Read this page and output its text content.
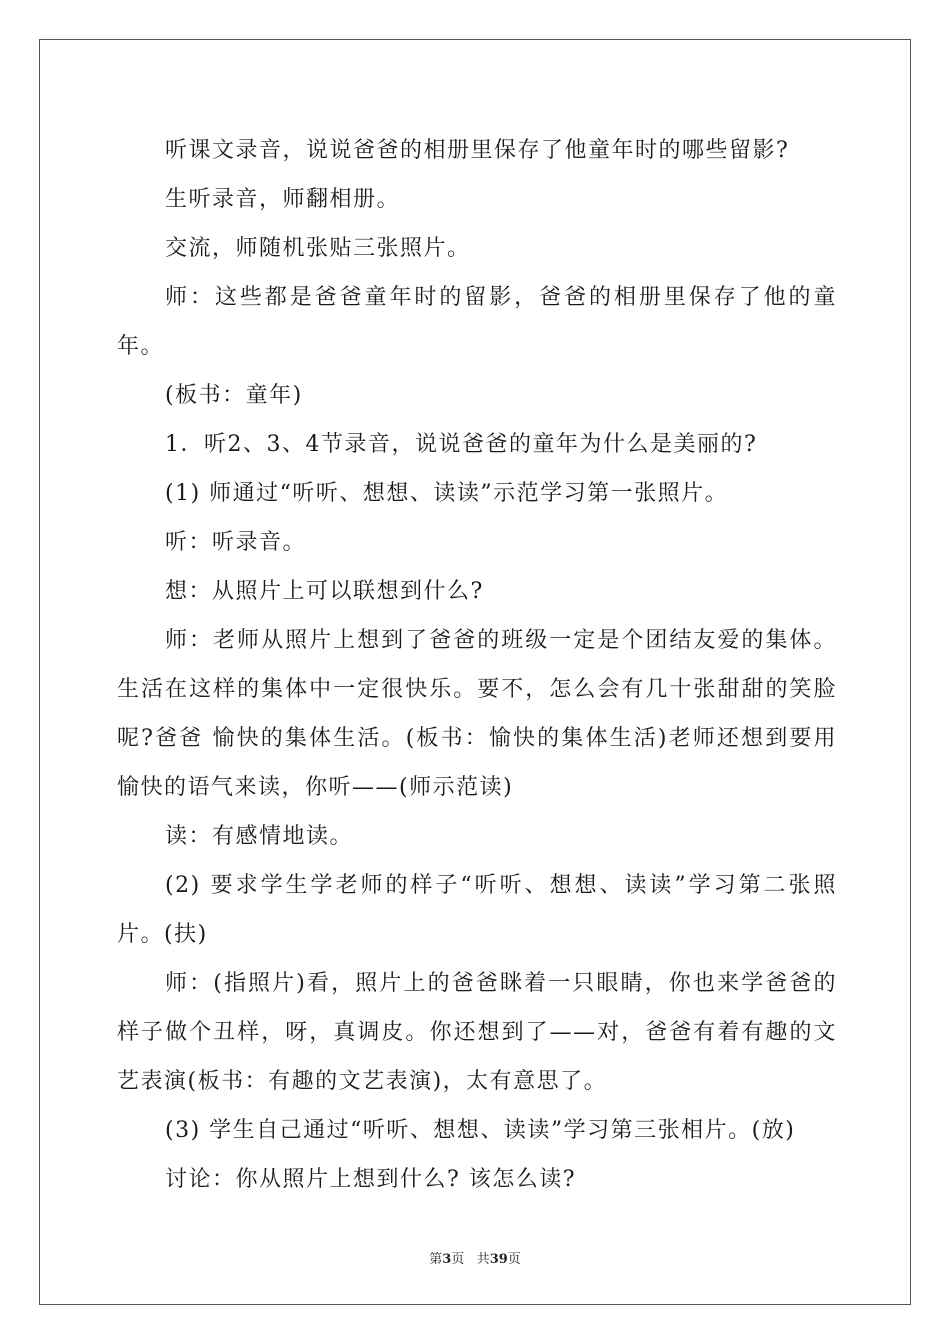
听课文录音，说说爸爸的相册里保存了他童年时的哪些留影?

生听录音，师翻相册。

交流，师随机张贴三张照片。

师：这些都是爸爸童年时的留影，爸爸的相册里保存了他的童年。

(板书：童年)

1．听2、3、4节录音，说说爸爸的童年为什么是美丽的?

(1) 师通过“听听、想想、读读”示范学习第一张照片。

听：听录音。

想：从照片上可以联想到什么?

师：老师从照片上想到了爸爸的班级一定是个团结友爱的集体。生活在这样的集体中一定很快乐。要不，怎么会有几十张甜甜的笑脸呢?爸爸 愉快的集体生活。(板书：愉快的集体生活)老师还想到要用愉快的语气来读，你听——(师示范读)

读：有感情地读。

(2) 要求学生学老师的样子“听听、想想、读读”学习第二张照片。(扶)

师：(指照片)看，照片上的爸爸眯着一只眼睛，你也来学爸爸的样子做个丑样，呀，真调皮。你还想到了——对，爸爸有着有趣的文艺表演(板书：有趣的文艺表演)，太有意思了。

(3) 学生自己通过“听听、想想、读读”学习第三张相片。(放)

讨论：你从照片上想到什么? 该怎么读?

第3页 共39页
